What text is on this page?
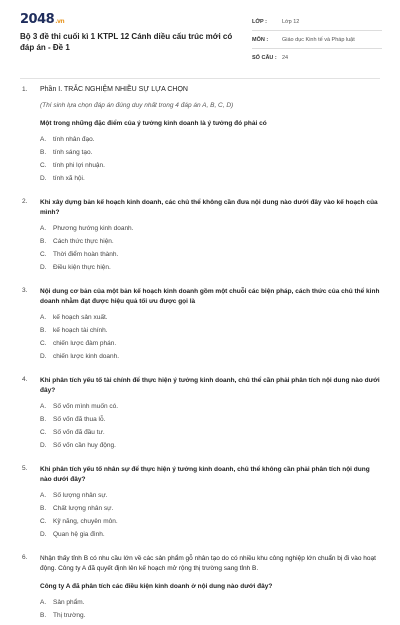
2048.vn
Bộ 3 đề thi cuối kì 1 KTPL 12 Cánh diều cấu trúc mới có đáp án - Đề 1
LỚP :	Lớp 12
MÔN :	Giáo dục Kinh tế và Pháp luật
SỐ CÂU : 24
1.	Phần I. TRẮC NGHIỆM NHIỀU SỰ LỰA CHỌN
(Thí sinh lựa chọn đáp án đúng duy nhất trong 4 đáp án A, B, C, D)
Một trong những đặc điểm của ý tưởng kinh doanh là ý tưởng đó phải có
A.	tính nhân đạo.
B.	tính sáng tạo.
C.	tính phi lợi nhuận.
D.	tính xã hội.
2.	Khi xây dựng bản kế hoạch kinh doanh, các chủ thể không cần đưa nội dung nào dưới đây vào kế hoạch của mình?
A.	Phương hướng kinh doanh.
B.	Cách thức thực hiện.
C.	Thời điểm hoàn thành.
D.	Điều kiện thực hiện.
3.	Nội dung cơ bản của một bản kế hoạch kinh doanh gồm một chuỗi các biện pháp, cách thức của chủ thể kinh doanh nhằm đạt được hiệu quả tối ưu được gọi là
A.	kế hoạch sản xuất.
B.	kế hoạch tài chính.
C.	chiến lược đàm phán.
D.	chiến lược kinh doanh.
4.	Khi phân tích yếu tố tài chính để thực hiện ý tưởng kinh doanh, chủ thể cần phải phân tích nội dung nào dưới đây?
A.	Số vốn mình muốn có.
B.	Số vốn đã thua lỗ.
C.	Số vốn đã đầu tư.
D.	Số vốn cần huy động.
5.	Khi phân tích yếu tố nhân sự để thực hiện ý tưởng kinh doanh, chủ thể không cần phải phân tích nội dung nào dưới đây?
A.	Số lượng nhân sự.
B.	Chất lượng nhân sự.
C.	Kỹ năng, chuyên môn.
D.	Quan hệ gia đình.
6.	Nhận thấy tỉnh B có nhu cầu lớn về các sản phẩm gỗ nhân tạo do có nhiều khu công nghiệp lớn chuẩn bị đi vào hoạt động. Công ty A đã quyết định lên kế hoạch mở rộng thị trường sang tỉnh B.
Công ty A đã phân tích các điều kiện kinh doanh ở nội dung nào dưới đây?
A.	Sản phẩm.
B.	Thị trường.
